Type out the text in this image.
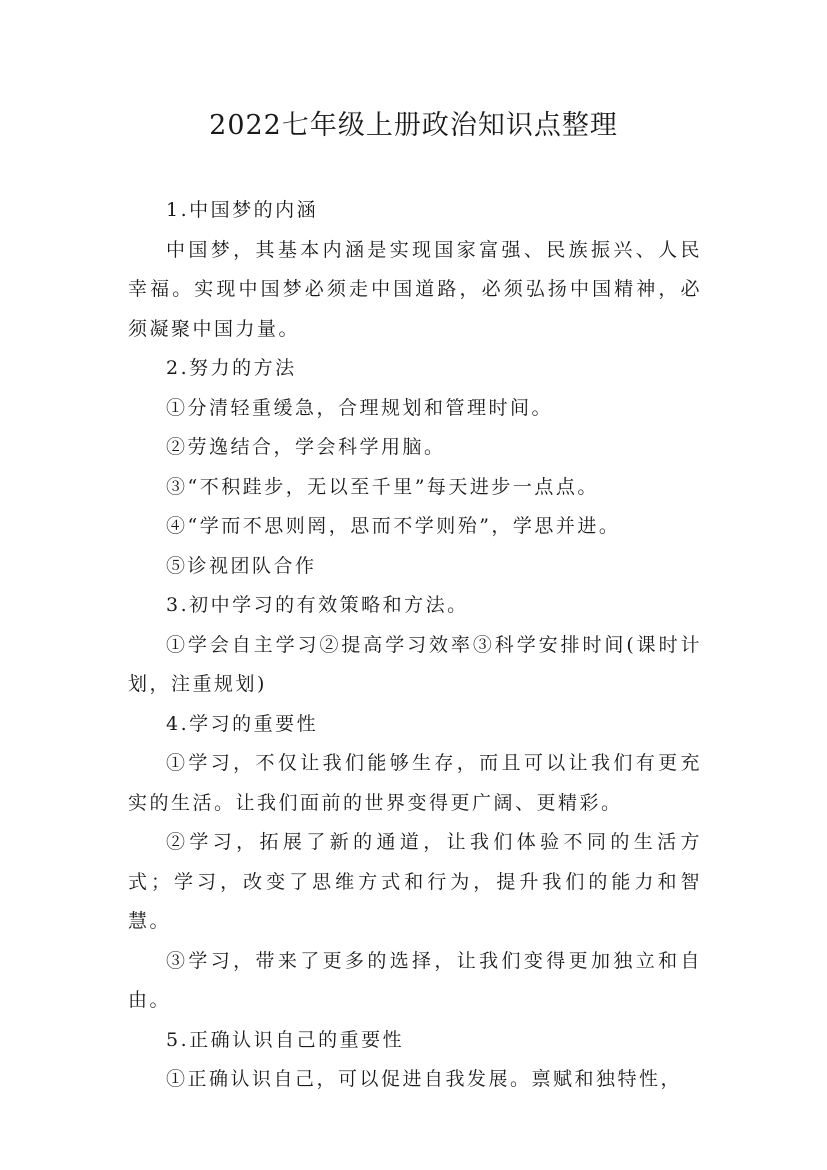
2022七年级上册政治知识点整理

1.中国梦的内涵

中国梦，其基本内涵是实现国家富强、民族振兴、人民幸福。实现中国梦必须走中国道路，必须弘扬中国精神，必须凝聚中国力量。

2.努力的方法

①分清轻重缓急，合理规划和管理时间。

②劳逸结合，学会科学用脑。

③“不积跬步，无以至千里”每天进步一点点。

④“学而不思则罔，思而不学则殆”，学思并进。

⑤诊视团队合作

3.初中学习的有效策略和方法。

①学会自主学习②提高学习效率③科学安排时间(课时计划，注重规划)

4.学习的重要性

①学习，不仅让我们能够生存，而且可以让我们有更充实的生活。让我们面前的世界变得更广阔、更精彩。

②学习，拓展了新的通道，让我们体验不同的生活方式；学习，改变了思维方式和行为，提升我们的能力和智慧。

③学习，带来了更多的选择，让我们变得更加独立和自由。

5.正确认识自己的重要性

①正确认识自己，可以促进自我发展。禀赋和独特性，
